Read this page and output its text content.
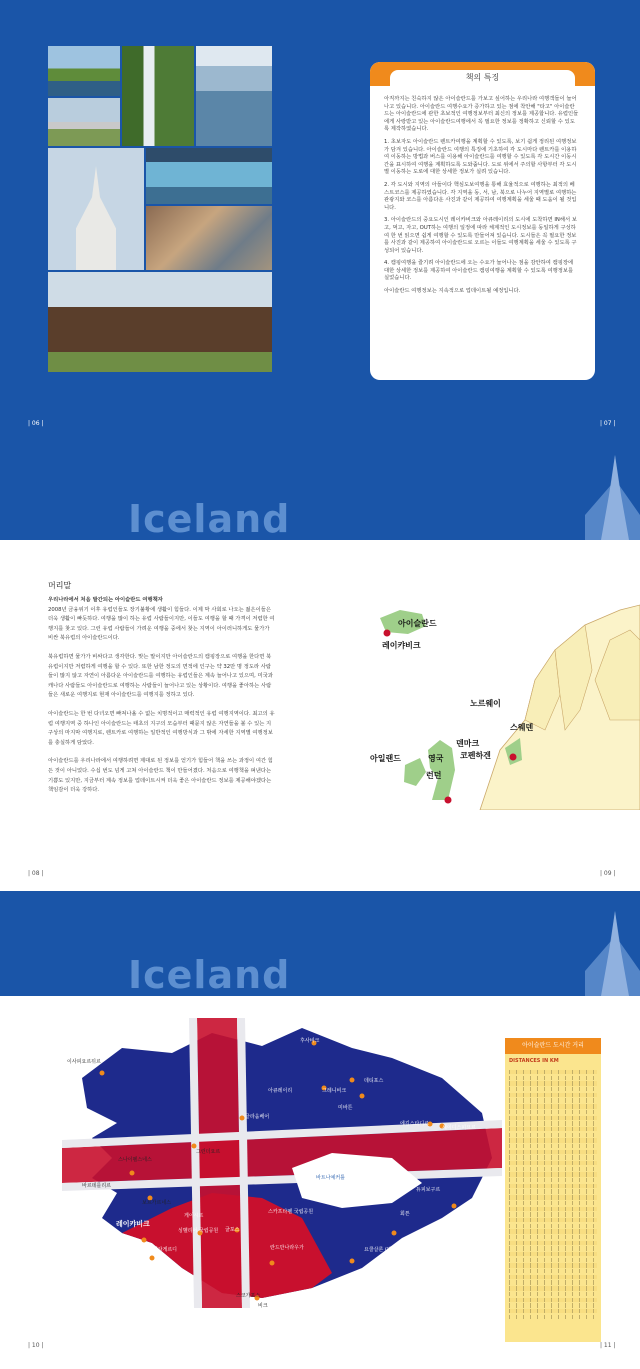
책의 특징

아직까지는 친숙하지 않은 아이슬란드를 가보고 싶어하는 우리나라 여행객들이 늘어나고 있습니다. 아이슬란드 여행수요가 증가하고 있는 점에 착안해 "타고" 아이슬란드는 아이슬란드에 관한 초보적인 여행정보부터 최신의 정보를 제공합니다. 유럽인들에게 사랑받고 있는 아이슬란드여행에서 꼭 필요한 정보를 정확하고 신뢰할 수 있도록 제작하였습니다.

1. 초보자도 아이슬란드 렌트카여행을 계획할 수 있도록, 보기 쉽게 정리된 여행정보가 담겨 있습니다. 아이슬란드 여행의 특징에 기초하여 각 도시마다 렌트카를 이용하여 이동하는 방법과 버스를 이용해 아이슬란드를 여행할 수 있도록 각 도시간 이동시간을 표시하여 여행을 계획하도록 도와줍니다. 도로 위에서 주의할 사항부터 각 도시별 이동하는 도로에 대한 상세한 정보가 실려 있습니다.

2. 각 도시와 지역의 아들이다 핵심도보여행을 통해 효율적으로 여행하는 최적의 베스트코스를 제공하였습니다. 각 지역을 동, 서, 남, 북으로 나누어 지역별로 여행하는 관광지와 코스를 아름다운 사진과 같이 제공하여 여행계획을 세울 때 도움이 될 것입니다.

3. 아이슬란드의 중요도시인 레이캬비크와 아큐레이리의 도시에 도착하면 IN해서 보고, 먹고, 자고, OUT하는 여행의 일정에 따라 체계적인 도시정보를 동일하게 구성하여 한 번 읽으면 쉽게 여행할 수 있도록 만들어져 있습니다. 도시들은 꼭 필요한 정보를 사진과 같이 제공하여 아이슬란드로 오르는 이들도 여행계획을 세울 수 있도록 구성되어 있습니다.

4. 캠핑여행을 즐기려 아이슬란드에 오는 수요가 늘어나는 점을 감안하여 캠핑장에 대한 상세한 정보를 제공하여 아이슬란드 캠핑여행을 계획할 수 있도록 여행정보를 실었습니다.

아이슬란드 여행정보는 지속적으로 업데이트될 예정입니다.

| 06 |	| 07 |
Iceland
머리말

우리나라에서 처음 발간되는 아이슬란드 여행책자

2008년 금융위기 이후 유럽인들도 장기불황에 생활이 힘들다. 이제 막 사회로 나오는 젊은이들은 더욱 생활이 빠듯하다. 여행을 많이 하는 유럽 사람들이지만, 이들도 여행을 할 때 가격이 저렴한 여행지를 찾고 있다. 그런 유럽 사람들이 가려운 여행을 중에서 찾는 지역이 아이러니하게도 물가가 비싼 북유럽의 아이슬란드이다.

북유럽하면 물가가 비싸다고 생각한다. 맞는 말이지만 아이슬란드의 캠핑장으로 여행을 한다면 북유럽이지만 저렴하게 여행을 할 수 있다. 또한 남한 정도의 면적에 인구는 약 32만 명 정도라 사람들이 많지 않고 자연이 아름다운 아이슬란드를 여행하는 유럽인들은 계속 늘어나고 있으며, 미국과 캐나다 사람들도 아이슬란드로 여행하는 사람들이 늘어나고 있는 상황이다. 여행을 좋아하는 사람들은 새로운 여행지로 현재 아이슬란드를 여행지를 정하고 있다.

아이슬란드는 한 번 다녀오면 빠져나올 수 없는 치명적이고 매력적인 유럽 여행지역이다. 최고의 유럽 여행지역 중 하나인 아이슬란드는 태초의 지구의 모습부터 때묻지 않은 자연들을 볼 수 있는 지구상의 마지막 여행지로, 렌트카로 여행하는 일반적인 여행방식과 그 밖에 자세한 지역별 여행정보를 충실하게 담았다.

아이슬란드를 우리나라에서 여행하려면 제대로 된 정보를 얻기가 힘들어 책을 쓰는 과정이 여간 힘든 것이 아니었다. 수십 번도 넘게 고쳐 아이슬란드 책이 만들어졌다. 처음으로 여행책을 펴낸다는 기쁨도 있지만, 지금부터 계속 정보를 업데이트시켜 더욱 좋은 아이슬란드 정보를 제공해야겠다는 책임감이 더욱 강하다.

아이슬란드
레이캬비크
노르웨이
스웨덴
덴마크
코펜하겐
아일랜드	영국
런던
| 08 |	| 09 |
Iceland
이사피요르뒤르
후사비크
아큐레이리	그레니비크
데티포스
미바튼
에길스타디르
세이디스피요르
글라움베어
그런더요르
스나이펠스네스
바르데를리르
보르가르네스
레이캬비크
케플라비크공항
그린다비크
싱벨리어 국립공원
게이시르
굴포스
흐베라게르디	란드만나라우가
스카프타펠 국립공원
바트나예커틀
요쿨살론 (빙하호수)
회픈
듀피보구르
스코가포스
비크
아이슬란드 도시간 거리
DISTANCES IN KM
| 10 |	| 11 |
